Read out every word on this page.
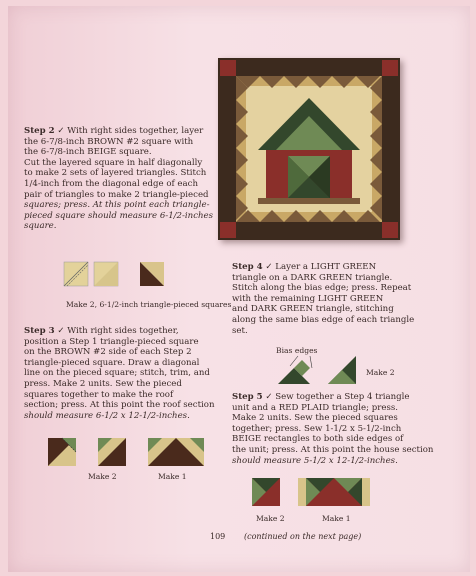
Step 2 ✓ With right sides together, layer
the 6-7/8-inch BROWN #2 square with
the 6-7/8-inch BEIGE square.
Cut the layered square in half diagonally
to make 2 sets of layered triangles. Stitch
1/4-inch from the diagonal edge of each
pair of triangles to make 2 triangle-pieced
squares; press. At this point each triangle-
pieced square should measure 6-1/2-inches
square.
Make 2, 6-1/2-inch triangle-pieced squares
Step 3 ✓ With right sides together,
position a Step 1 triangle-pieced square
on the BROWN #2 side of each Step 2
triangle-pieced square. Draw a diagonal
line on the pieced square; stitch, trim, and
press. Make 2 units. Sew the pieced
squares together to make the roof
section; press. At this point the roof section
should measure 6-1/2 x 12-1/2-inches.
Make 2	Make 1
Step 4 ✓ Layer a LIGHT GREEN
triangle on a DARK GREEN triangle.
Stitch along the bias edge; press. Repeat
with the remaining LIGHT GREEN
and DARK GREEN triangle, stitching
along the same bias edge of each triangle
set.
Bias edges
Make 2
Step 5 ✓ Sew together a Step 4 triangle
unit and a RED PLAID triangle; press.
Make 2 units. Sew the pieced squares
together; press. Sew 1-1/2 x 5-1/2-inch
BEIGE rectangles to both side edges of
the unit; press. At this point the house section
should measure 5-1/2 x 12-1/2-inches.
Make 2	Make 1
109 (continued on the next page)
